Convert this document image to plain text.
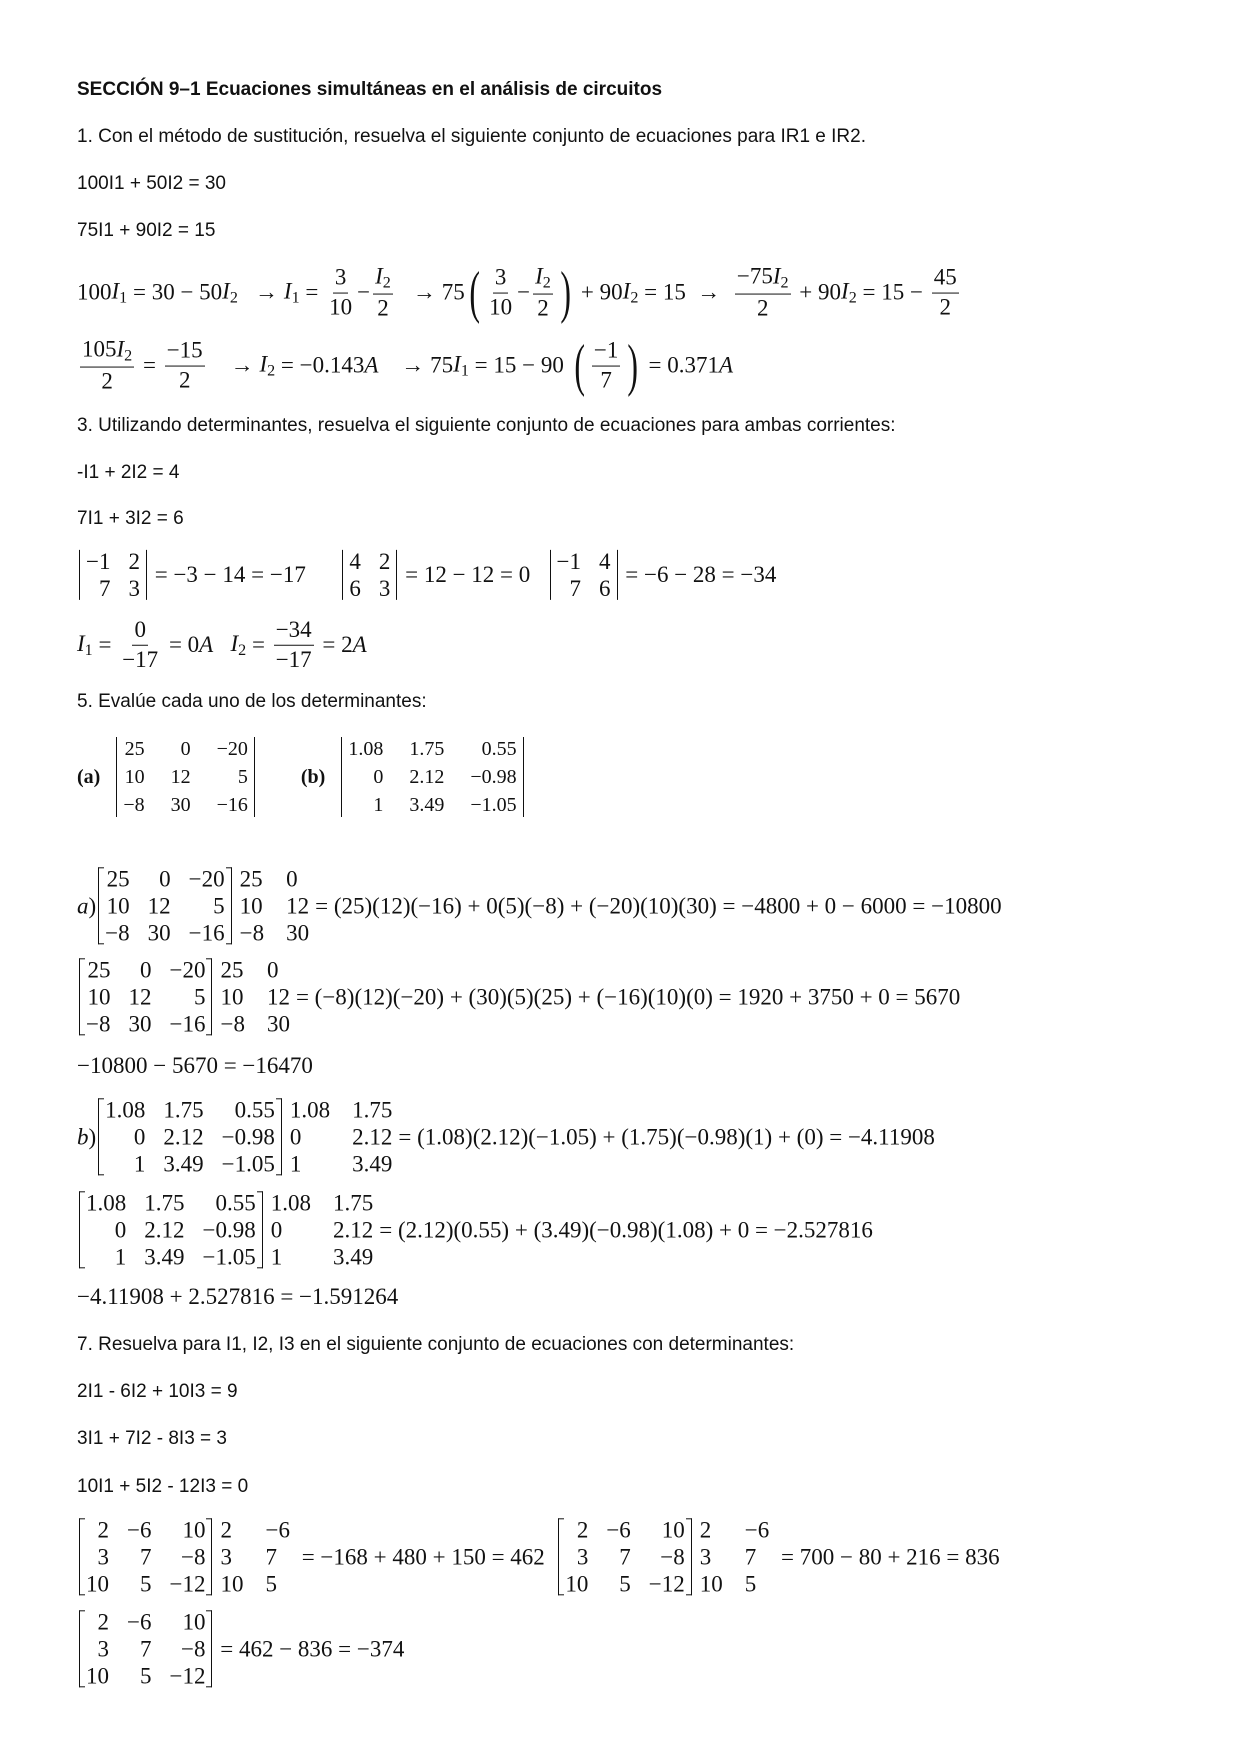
SECCIÓN 9–1 Ecuaciones simultáneas en el análisis de circuitos
1. Con el método de sustitución, resuelva el siguiente conjunto de ecuaciones para IR1 e IR2.
100I1 + 50I2 = 30
75I1 + 90I2 = 15
100 $I_1 = 30 - 50$ $I_2 \to I_1 = \frac{3}{10} - \frac{I_2}{2} \to 75$ ( $\frac{3}{10} - \frac{I_2}{2}$ ) + 90 $I_2 = 15 \to \frac{-75 I_2}{2} + 90$ $I_2 = 15 - \frac{45}{2}$
$\frac{105 I_2}{2} = \frac{-15}{2} \to I_2 = -0.143$ A → 75 $I_1 = 15 - 90$ ( $\frac{-1}{7}$ ) = 0.371 A
3. Utilizando determinantes, resuelva el siguiente conjunto de ecuaciones para ambas corrientes:
-I1 + 2I2 = 4
7I1 + 3I2 = 6
−1 2
7 3
= −3 − 14 = −17
4 2
6 3
= 12 − 12 = 0
−1 4
7 6
= −6 − 28 = −34
$I_1 = \frac{0}{-17} = 0$ A
$I_2 = \frac{-34}{-17} = 2$ A
5. Evalúe cada uno de los determinantes:
(a)
25	0 −20
10 12	5
−8 30 −16
(b)
1.08 1.75	0.55
0 2.12 −0.98
1 3.49 −1.05
a )
25	0 −20
10 12	5
−8 30 −16
25 0
10 12
−8 30
= (25)(12)(−16) + 0(5)(−8) + (−20)(10)(30) = −4800 + 0 − 6000 = −10800
25	0 −20
10 12	5
−8 30 −16
25 0
10 12
−8 30
= (−8)(12)(−20) + (30)(5)(25) + (−16)(10)(0) = 1920 + 3750 + 0 = 5670
−10800 − 5670 = −16470
b )
1.08 1.75	0.55
0 2.12 −0.98
1 3.49 −1.05
1.08 1.75
0	2.12
1	3.49
= (1.08)(2.12)(−1.05) + (1.75)(−0.98)(1) + (0) = −4.11908
1.08 1.75	0.55
0 2.12 −0.98
1 3.49 −1.05
1.08 1.75
0	2.12
1	3.49
= (2.12)(0.55) + (3.49)(−0.98)(1.08) + 0 = −2.527816
−4.11908 + 2.527816 = −1.591264
7. Resuelva para I1, I2, I3 en el siguiente conjunto de ecuaciones con determinantes:
2I1 - 6I2 + 10I3 = 9
3I1 + 7I2 - 8I3 = 3
10I1 + 5I2 - 12I3 = 0
2 −6	10
3	7	−8
10	5 −12
2	−6
3	7
10 5
= −168 + 480 + 150 = 462
2 −6	10
3	7	−8
10	5 −12
2	−6
3	7
10 5
= 700 − 80 + 216 = 836
2 −6	10
3	7	−8
10	5 −12
= 462 − 836 = −374
